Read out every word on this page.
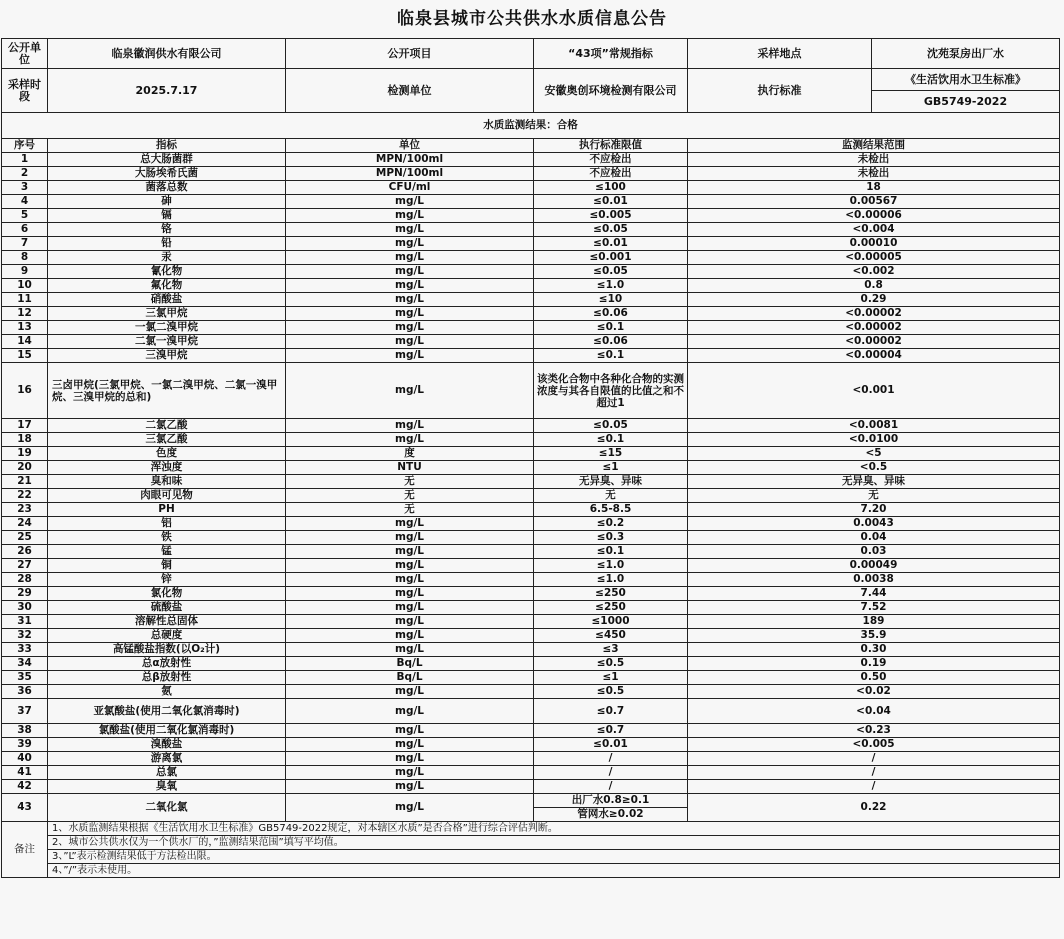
临泉县城市公共供水水质信息公告
公开单位	临泉徽润供水有限公司	公开项目	“43项”常规指标	采样地点	沈苑泵房出厂水
采样时段	2025.7.17	检测单位	安徽奥创环境检测有限公司	执行标准	《生活饮用水卫生标准》
					GB5749-2022
水质监测结果：合格					
序号	指标	单位	执行标准限值	监测结果范围	
1	总大肠菌群	MPN/100ml	不应检出	未检出	
2	大肠埃希氏菌	MPN/100ml	不应检出	未检出	
3	菌落总数	CFU/ml	≤100	18	
4	砷	mg/L	≤0.01	0.00567	
5	镉	mg/L	≤0.005	<0.00006	
6	铬	mg/L	≤0.05	<0.004	
7	铅	mg/L	≤0.01	0.00010	
8	汞	mg/L	≤0.001	<0.00005	
9	氰化物	mg/L	≤0.05	<0.002	
10	氟化物	mg/L	≤1.0	0.8	
11	硝酸盐	mg/L	≤10	0.29	
12	三氯甲烷	mg/L	≤0.06	<0.00002	
13	一氯二溴甲烷	mg/L	≤0.1	<0.00002	
14	二氯一溴甲烷	mg/L	≤0.06	<0.00002	
15	三溴甲烷	mg/L	≤0.1	<0.00004	
16	三卤甲烷(三氯甲烷、一氯二溴甲烷、二氯一溴甲烷、三溴甲烷的总和)	mg/L	该类化合物中各种化合物的实测浓度与其各自限值的比值之和不超过1	<0.001	
17	二氯乙酸	mg/L	≤0.05	<0.0081	
18	三氯乙酸	mg/L	≤0.1	<0.0100	
19	色度	度	≤15	<5	
20	浑浊度	NTU	≤1	<0.5	
21	臭和味	无	无异臭、异味	无异臭、异味	
22	肉眼可见物	无	无	无	
23	PH	无	6.5-8.5	7.20	
24	铝	mg/L	≤0.2	0.0043	
25	铁	mg/L	≤0.3	0.04	
26	锰	mg/L	≤0.1	0.03	
27	铜	mg/L	≤1.0	0.00049	
28	锌	mg/L	≤1.0	0.0038	
29	氯化物	mg/L	≤250	7.44	
30	硫酸盐	mg/L	≤250	7.52	
31	溶解性总固体	mg/L	≤1000	189	
32	总硬度	mg/L	≤450	35.9	
33	高锰酸盐指数(以O₂计)	mg/L	≤3	0.30	
34	总α放射性	Bq/L	≤0.5	0.19	
35	总β放射性	Bq/L	≤1	0.50	
36	氨	mg/L	≤0.5	<0.02	
37	亚氯酸盐(使用二氧化氯消毒时)	mg/L	≤0.7	<0.04	
38	氯酸盐(使用二氧化氯消毒时)	mg/L	≤0.7	<0.23	
39	溴酸盐	mg/L	≤0.01	<0.005	
40	游离氯	mg/L	/	/	
41	总氯	mg/L	/	/	
42	臭氧	mg/L	/	/	
43	二氧化氯	mg/L	出厂水0.8≥0.1	0.22	
			管网水≥0.02		
备注	1、水质监测结果根据《生活饮用水卫生标准》GB5749-2022规定，对本辖区水质”是否合格”进行综合评估判断。				
	2、城市公共供水仅为一个供水厂的，”监测结果范围”填写平均值。				
	3、”L”表示检测结果低于方法检出限。				
	4、”/”表示未使用。				
